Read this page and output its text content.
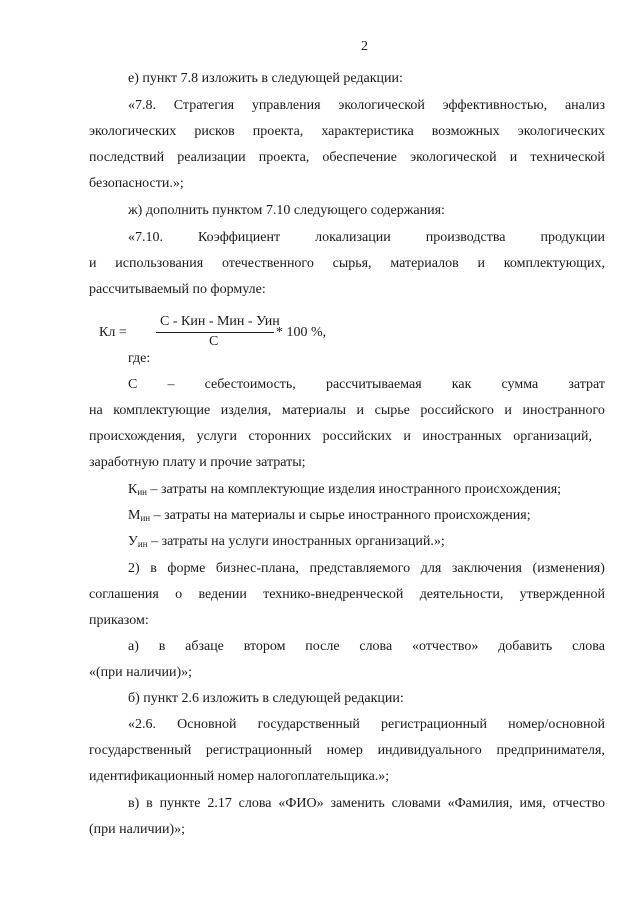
2
е) пункт 7.8 изложить в следующей редакции:
«7.8. Стратегия управления экологической эффективностью, анализ
экологических рисков проекта, характеристика возможных экологических
последствий реализации проекта, обеспечение экологической и технической
безопасности.»;
ж) дополнить пунктом 7.10 следующего содержания:
«7.10.	Коэффициент	локализации	производства	продукции
и использования отечественного сырья, материалов и комплектующих,
рассчитываемый по формуле:
Кл =
С - Кин - Мин - Уин
С
* 100 %,
где:
С – себестоимость, рассчитываемая как сумма затрат
на комплектующие изделия, материалы и сырье российского и иностранного
происхождения, услуги сторонних российских и иностранных организаций,
заработную плату и прочие затраты;
$К_{ин}$ – затраты на комплектующие изделия иностранного происхождения;
$М_{ин}$ – затраты на материалы и сырье иностранного происхождения;
$У_{ин}$ – затраты на услуги иностранных организаций.»;
2) в форме бизнес-плана, представляемого для заключения (изменения)
соглашения о ведении технико-внедренческой деятельности, утвержденной
приказом:
а) в абзаце втором после слова «отчество» добавить слова
«(при наличии)»;
б) пункт 2.6 изложить в следующей редакции:
«2.6. Основной государственный регистрационный номер/основной
государственный регистрационный номер индивидуального предпринимателя,
идентификационный номер налогоплательщика.»;
в) в пункте 2.17 слова «ФИО» заменить словами «Фамилия, имя, отчество
(при наличии)»;
